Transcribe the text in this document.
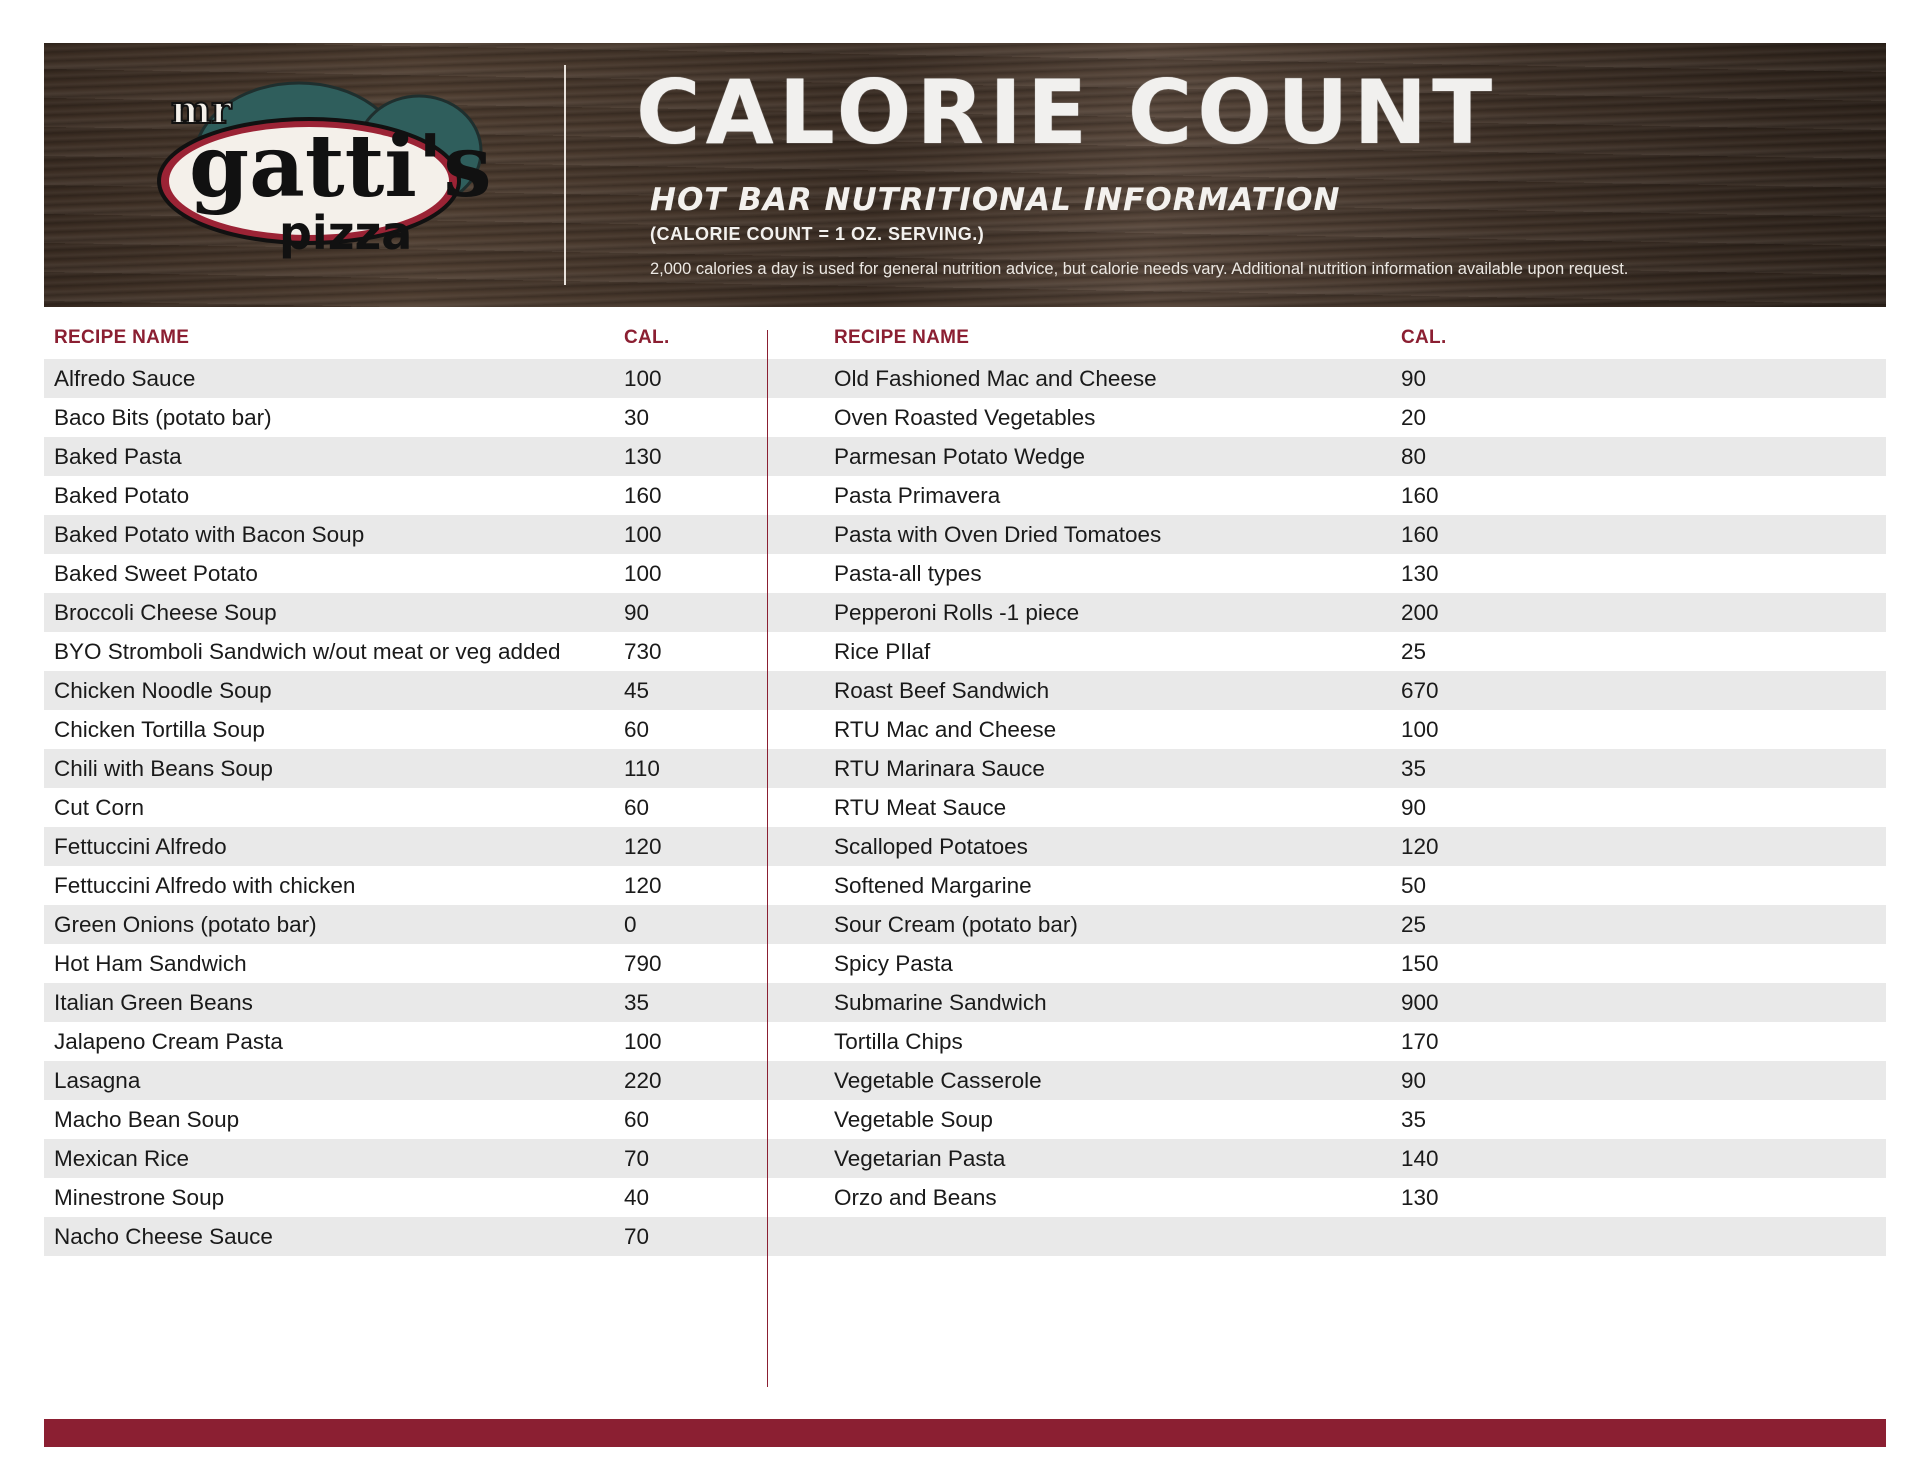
mr
gatti's
pizza
CALORIE COUNT
HOT BAR NUTRITIONAL INFORMATION
(CALORIE COUNT = 1 OZ. SERVING.)
2,000 calories a day is used for general nutrition advice, but calorie needs vary. Additional nutrition information available upon request.
RECIPE NAME	CAL.
Alfredo Sauce	100
Baco Bits (potato bar)	30
Baked Pasta	130
Baked Potato	160
Baked Potato with Bacon Soup	100
Baked Sweet Potato	100
Broccoli Cheese Soup	90
BYO Stromboli Sandwich w/out meat or veg added	730
Chicken Noodle Soup	45
Chicken Tortilla Soup	60
Chili with Beans Soup	110
Cut Corn	60
Fettuccini Alfredo	120
Fettuccini Alfredo with chicken	120
Green Onions (potato bar)	0
Hot Ham Sandwich	790
Italian Green Beans	35
Jalapeno Cream Pasta	100
Lasagna	220
Macho Bean Soup	60
Mexican Rice	70
Minestrone Soup	40
Nacho Cheese Sauce	70
RECIPE NAME	CAL.
Old Fashioned Mac and Cheese	90
Oven Roasted Vegetables	20
Parmesan Potato Wedge	80
Pasta Primavera	160
Pasta with Oven Dried Tomatoes	160
Pasta-all types	130
Pepperoni Rolls -1 piece	200
Rice PIlaf	25
Roast Beef Sandwich	670
RTU Mac and Cheese	100
RTU Marinara Sauce	35
RTU Meat Sauce	90
Scalloped Potatoes	120
Softened Margarine	50
Sour Cream (potato bar)	25
Spicy Pasta	150
Submarine Sandwich	900
Tortilla Chips	170
Vegetable Casserole	90
Vegetable Soup	35
Vegetarian Pasta	140
Orzo and Beans	130
